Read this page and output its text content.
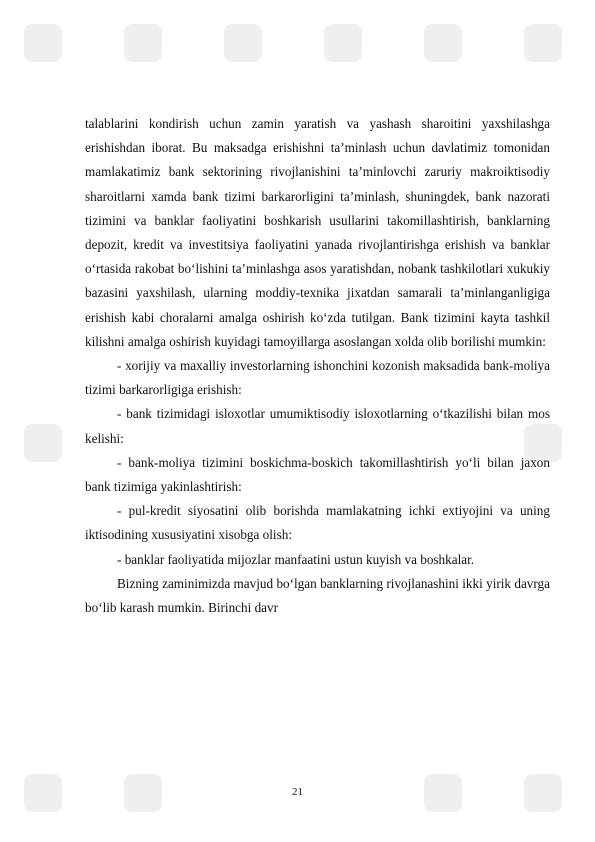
talablarini kondirish uchun zamin yaratish va yashash sharoitini yaxshilashga erishishdan iborat. Bu maksadga erishishni ta’minlash uchun davlatimiz tomonidan mamlakatimiz bank sektorining rivojlanishini ta’minlovchi zaruriy makroiktisodiy sharoitlarni xamda bank tizimi barkarorligini ta’minlash, shuningdek, bank nazorati tizimini va banklar faoliyatini boshkarish usullarini takomillashtirish, banklarning depozit, kredit va investitsiya faoliyatini yanada rivojlantirishga erishish va banklar o‘rtasida rakobat bo‘lishini ta’minlashga asos yaratishdan, nobank tashkilotlari xukukiy bazasini yaxshilash, ularning moddiy-texnika jixatdan samarali ta’minlanganligiga erishish kabi choralarni amalga oshirish ko‘zda tutilgan. Bank tizimini kayta tashkil kilishni amalga oshirish kuyidagi tamoyillarga asoslangan xolda olib borilishi mumkin:

- xorijiy va maxalliy investorlarning ishonchini kozonish maksadida bank-moliya tizimi barkarorligiga erishish:

- bank tizimidagi isloxotlar umumiktisodiy isloxotlarning o‘tkazilishi bilan mos kelishi:

- bank-moliya tizimini boskichma-boskich takomillashtirish yo‘li bilan jaxon bank tizimiga yakinlashtirish:

- pul-kredit siyosatini olib borishda mamlakatning ichki extiyojini va uning iktisodining xususiyatini xisobga olish:

- banklar faoliyatida mijozlar manfaatini ustun kuyish va boshkalar.

Bizning zaminimizda mavjud bo‘lgan banklarning rivojlanashini ikki yirik davrga bo‘lib karash mumkin. Birinchi davr

21
